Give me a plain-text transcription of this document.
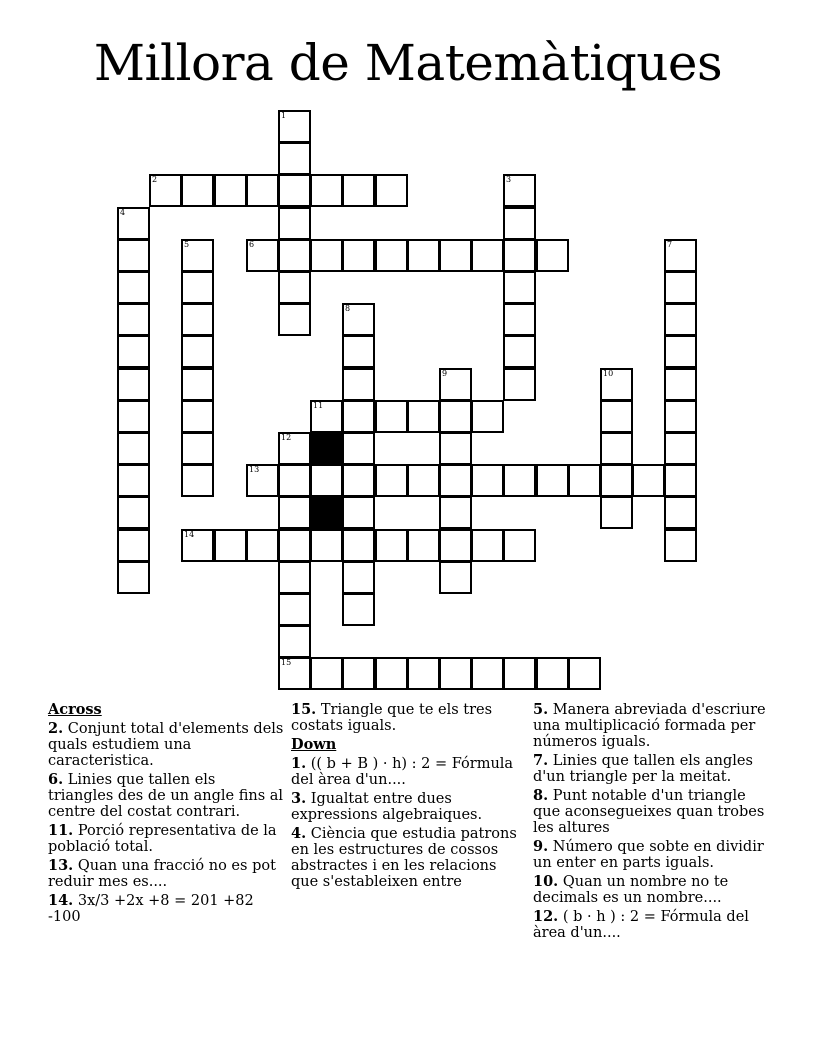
Millora de Matemàtiques
2
6
11
13
14
15
1
3
4
5	7
8
9	10
12
Across
2. Conjunt total d'elements dels quals estudiem una caracteristica.
6. Linies que tallen els triangles des de un angle fins al centre del costat contrari.
11. Porció representativa de la població total.
13. Quan una fracció no es pot reduir mes es....
14. 3x/3 +2x +8 = 201 +82 -100
15. Triangle que te els tres costats iguals.
Down
1. (( b + B ) · h) : 2 = Fórmula del àrea d'un....
3. Igualtat entre dues expressions algebraiques.
4. Ciència que estudia patrons en les estructures de cossos abstractes i en les relacions que s'estableixen entre
5. Manera abreviada d'escriure una multiplicació formada per números iguals.
7. Linies que tallen els angles d'un triangle per la meitat.
8. Punt notable d'un triangle que aconsegueixes quan trobes les altures
9. Número que sobte en dividir un enter en parts iguals.
10. Quan un nombre no te decimals es un nombre....
12. ( b · h ) : 2 = Fórmula del àrea d'un....
